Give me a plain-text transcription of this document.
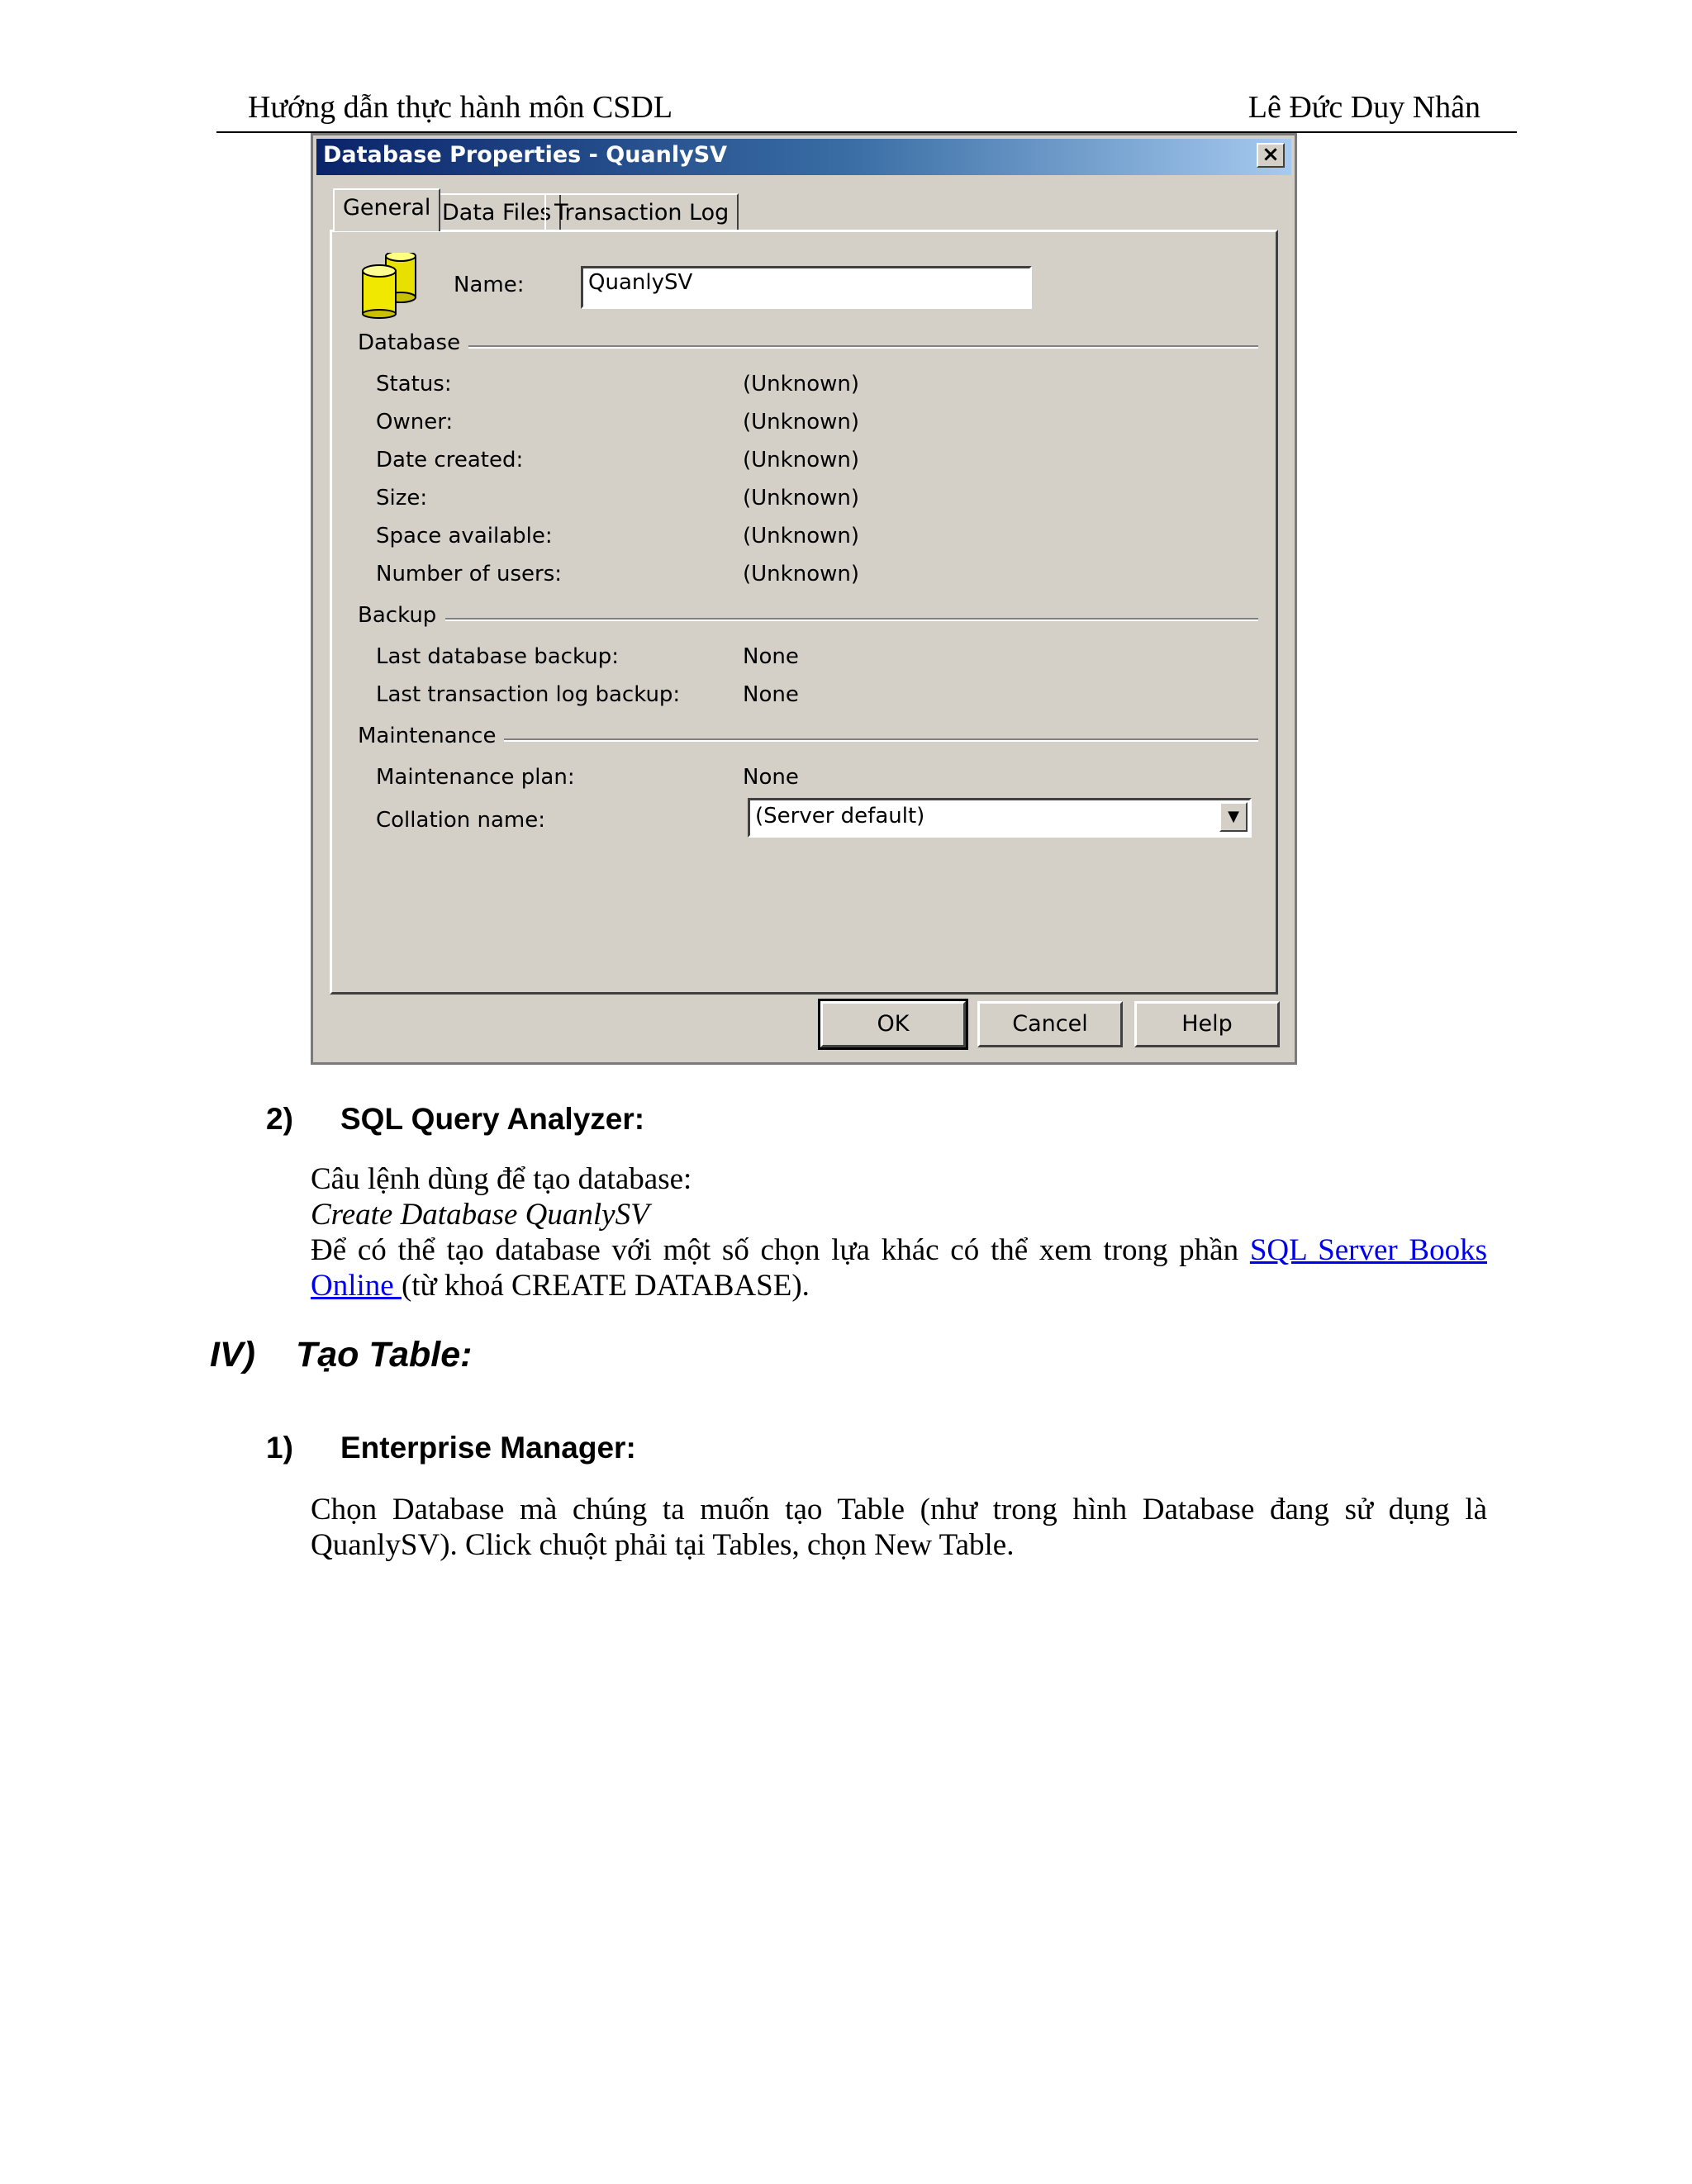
Hướng dẫn thực hành môn CSDL	Lê Đức Duy Nhân
Database Properties - QuanlySV	×
General Data Files Transaction Log
Name:	QuanlySV
Database
Status:	(Unknown)
Owner:	(Unknown)
Date created:	(Unknown)
Size:	(Unknown)
Space available:	(Unknown)
Number of users:	(Unknown)
Backup
Last database backup:	None
Last transaction log backup:	None
Maintenance
Maintenance plan:	None
Collation name:	(Server default)	▼
OK	Cancel	Help
2) SQL Query Analyzer:
Câu lệnh dùng để tạo database:
Create Database QuanlySV
Để có thể tạo database với một số chọn lựa khác có thể xem trong phần SQL Server Books Online (từ khoá CREATE DATABASE).
IV) Tạo Table:
1) Enterprise Manager:
Chọn Database mà chúng ta muốn tạo Table (như trong hình Database đang sử dụng là QuanlySV). Click chuột phải tại Tables, chọn New Table.
